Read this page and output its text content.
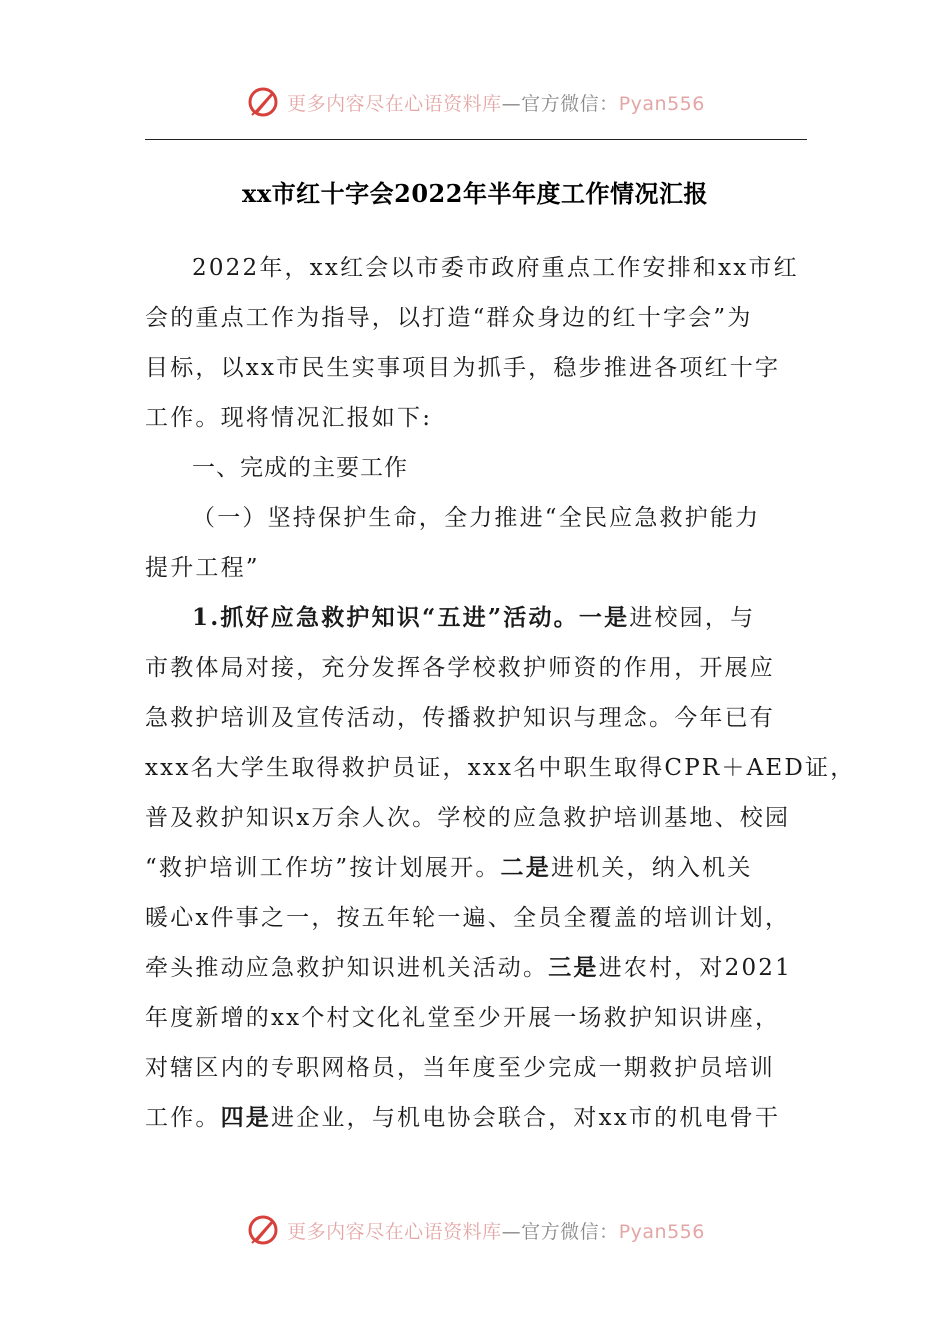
更多内容尽在心语资料库—官方微信：Pyan556
xx市红十字会2022年半年度工作情况汇报
2022年，xx红会以市委市政府重点工作安排和xx市红
会的重点工作为指导，以打造“群众身边的红十字会”为
目标，以xx市民生实事项目为抓手，稳步推进各项红十字
工作。现将情况汇报如下:
一、完成的主要工作
（一）坚持保护生命，全力推进“全民应急救护能力
提升工程”
1.抓好应急救护知识“五进”活动。一是进校园，与
市教体局对接，充分发挥各学校救护师资的作用，开展应
急救护培训及宣传活动，传播救护知识与理念。今年已有
xxx名大学生取得救护员证，xxx名中职生取得CPR＋AED证，
普及救护知识x万余人次。学校的应急救护培训基地、校园
“救护培训工作坊”按计划展开。二是进机关，纳入机关
暖心x件事之一，按五年轮一遍、全员全覆盖的培训计划，
牵头推动应急救护知识进机关活动。三是进农村，对2021
年度新增的xx个村文化礼堂至少开展一场救护知识讲座，
对辖区内的专职网格员，当年度至少完成一期救护员培训
工作。四是进企业，与机电协会联合，对xx市的机电骨干
更多内容尽在心语资料库—官方微信：Pyan556
